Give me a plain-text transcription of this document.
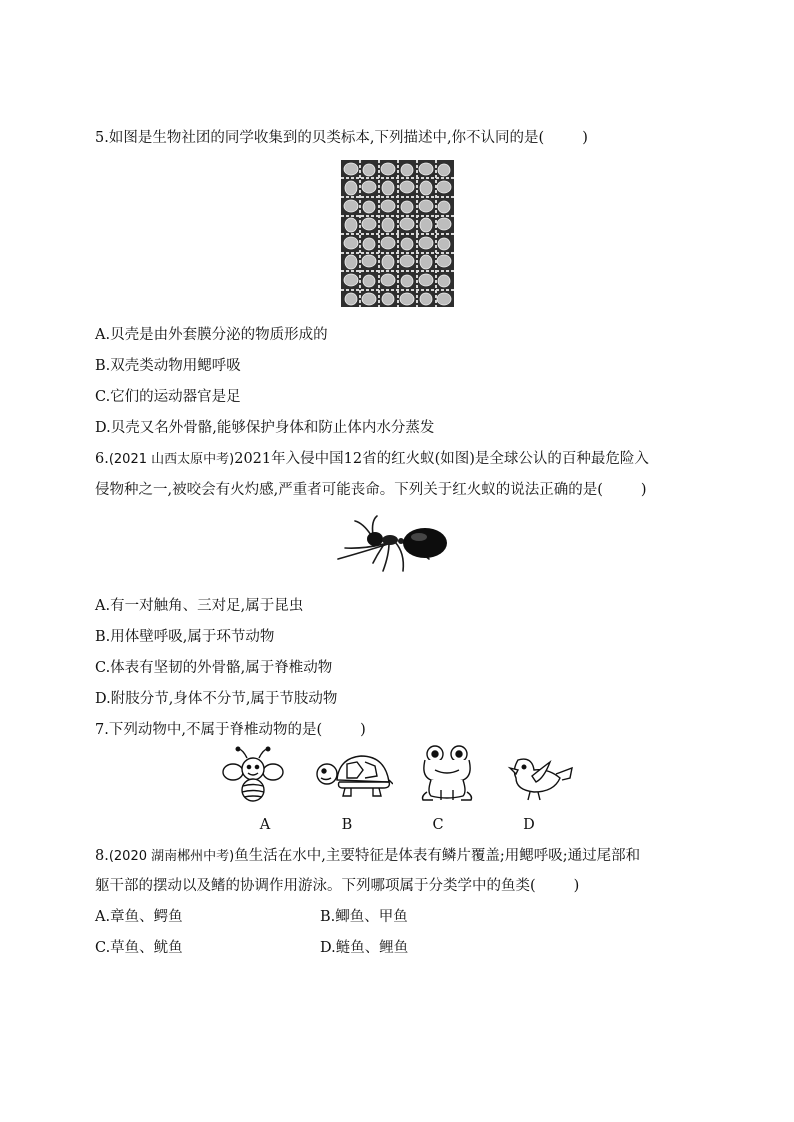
5.如图是生物社团的同学收集到的贝类标本,下列描述中,你不认同的是(	)
A.贝壳是由外套膜分泌的物质形成的
B.双壳类动物用鳃呼吸
C.它们的运动器官是足
D.贝壳又名外骨骼,能够保护身体和防止体内水分蒸发
6.(2021 山西太原中考)2021年入侵中国12省的红火蚁(如图)是全球公认的百种最危险入
侵物种之一,被咬会有火灼感,严重者可能丧命。下列关于红火蚁的说法正确的是(	)
A.有一对触角、三对足,属于昆虫
B.用体壁呼吸,属于环节动物
C.体表有坚韧的外骨骼,属于脊椎动物
D.附肢分节,身体不分节,属于节肢动物
7.下列动物中,不属于脊椎动物的是(	)
A	B	C	D
8.(2020 湖南郴州中考)鱼生活在水中,主要特征是体表有鳞片覆盖;用鳃呼吸;通过尾部和
躯干部的摆动以及鳍的协调作用游泳。下列哪项属于分类学中的鱼类(	)
A.章鱼、鳄鱼	B.鲫鱼、甲鱼
C.草鱼、鱿鱼	D.鲢鱼、鲤鱼
